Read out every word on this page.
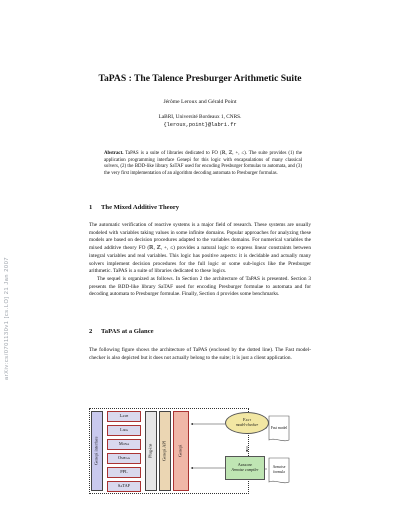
arXiv:cs/0701130v1 [cs.LO] 21 Jan 2007
TaPAS : The Talence Presburger Arithmetic Suite
Jérôme Leroux and Gérald Point
LaBRI, Université Bordeaux 1, CNRS.
{leroux,point}@labri.fr
Abstract. TaPAS is a suite of libraries dedicated to FO (ℝ, ℤ, +, ≤). The suite provides (1) the application programming interface Genepi for this logic with encapsulations of many classical solvers, (2) the BDD-like library SaTAF used for encoding Presburger formulas to automata, and (3) the very first implementation of an algorithm decoding automata to Presburger formulas.
1 The Mixed Additive Theory

The automatic verification of reactive systems is a major field of research. These systems are usually modeled with variables taking values in some infinite domains. Popular approaches for analyzing these models are based on decision procedures adapted to the variables domains. For numerical variables the mixed additive theory FO (ℝ, ℤ, +, ≤) provides a natural logic to express linear constraints between integral variables and real variables. This logic has positive aspects: it is decidable and actually many solvers implement decision procedures for the full logic or some sub-logics like the Presburger arithmetic. TaPAS is a suite of libraries dedicated to these logics.

The sequel is organized as follows. In Section 2 the architecture of TaPAS is presented. Section 3 presents the BDD-like library SaTAF used for encoding Presburger formulae to automata and for decoding automata to Presburger formulae. Finally, Section 4 provides some benchmarks.

2 TaPAS at a Glance

The following figure shows the architecture of TaPAS (enclosed by the dotted line). The Fast model-checker is also depicted but it does not actually belong to the suite; it is just a client application.

Genepi interface
Lash
Lira
Mona
Omega
PPL
SaTAF
Plug-ins	Genepi API	Genepi
Fast
model-checker
Armoise
Armoise compiler
Fast model
Armoise formula
